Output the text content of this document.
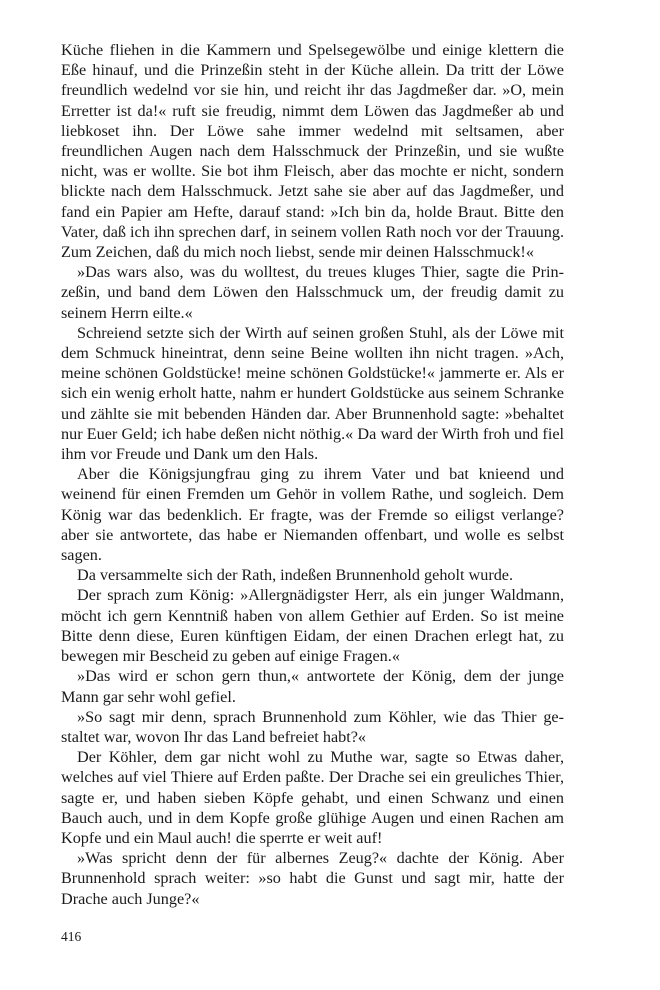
Küche fliehen in die Kammern und Spelsegewölbe und einige klettern die Eße hinauf, und die Prinzeßin steht in der Küche allein. Da tritt der Löwe freundlich wedelnd vor sie hin, und reicht ihr das Jagdmeßer dar. »O, mein Erretter ist da!« ruft sie freudig, nimmt dem Löwen das Jagdmeßer ab und liebkoset ihn. Der Löwe sahe immer wedelnd mit seltsamen, aber freundlichen Augen nach dem Halsschmuck der Prinzeßin, und sie wußte nicht, was er wollte. Sie bot ihm Fleisch, aber das mochte er nicht, sondern blickte nach dem Halsschmuck. Jetzt sahe sie aber auf das Jagdmeßer, und fand ein Papier am Hefte, darauf stand: »Ich bin da, holde Braut. Bitte den Vater, daß ich ihn sprechen darf, in seinem vollen Rath noch vor der Trauung. Zum Zeichen, daß du mich noch liebst, sende mir deinen Halsschmuck!«

»Das wars also, was du wolltest, du treues kluges Thier, sagte die Prinzeßin, und band dem Löwen den Halsschmuck um, der freudig damit zu seinem Herrn eilte.«

Schreiend setzte sich der Wirth auf seinen großen Stuhl, als der Löwe mit dem Schmuck hineintrat, denn seine Beine wollten ihn nicht tragen. »Ach, meine schönen Goldstücke! meine schönen Goldstücke!« jammerte er. Als er sich ein wenig erholt hatte, nahm er hundert Goldstücke aus seinem Schranke und zählte sie mit bebenden Händen dar. Aber Brunnenhold sagte: »behaltet nur Euer Geld; ich habe deßen nicht nöthig.« Da ward der Wirth froh und fiel ihm vor Freude und Dank um den Hals.

Aber die Königsjungfrau ging zu ihrem Vater und bat knieend und weinend für einen Fremden um Gehör in vollem Rathe, und sogleich. Dem König war das bedenklich. Er fragte, was der Fremde so eiligst verlange? aber sie antwortete, das habe er Niemanden offenbart, und wolle es selbst sagen.

Da versammelte sich der Rath, indeßen Brunnenhold geholt wurde.

Der sprach zum König: »Allergnädigster Herr, als ein junger Waldmann, möcht ich gern Kenntniß haben von allem Gethier auf Erden. So ist meine Bitte denn diese, Euren künftigen Eidam, der einen Drachen erlegt hat, zu bewegen mir Bescheid zu geben auf einige Fragen.«

»Das wird er schon gern thun,« antwortete der König, dem der junge Mann gar sehr wohl gefiel.

»So sagt mir denn, sprach Brunnenhold zum Köhler, wie das Thier gestaltet war, wovon Ihr das Land befreiet habt?«

Der Köhler, dem gar nicht wohl zu Muthe war, sagte so Etwas daher, welches auf viel Thiere auf Erden paßte. Der Drache sei ein greuliches Thier, sagte er, und haben sieben Köpfe gehabt, und einen Schwanz und einen Bauch auch, und in dem Kopfe große glühige Augen und einen Rachen am Kopfe und ein Maul auch! die sperrte er weit auf!

»Was spricht denn der für albernes Zeug?« dachte der König. Aber Brunnenhold sprach weiter: »so habt die Gunst und sagt mir, hatte der Drache auch Junge?«

416
